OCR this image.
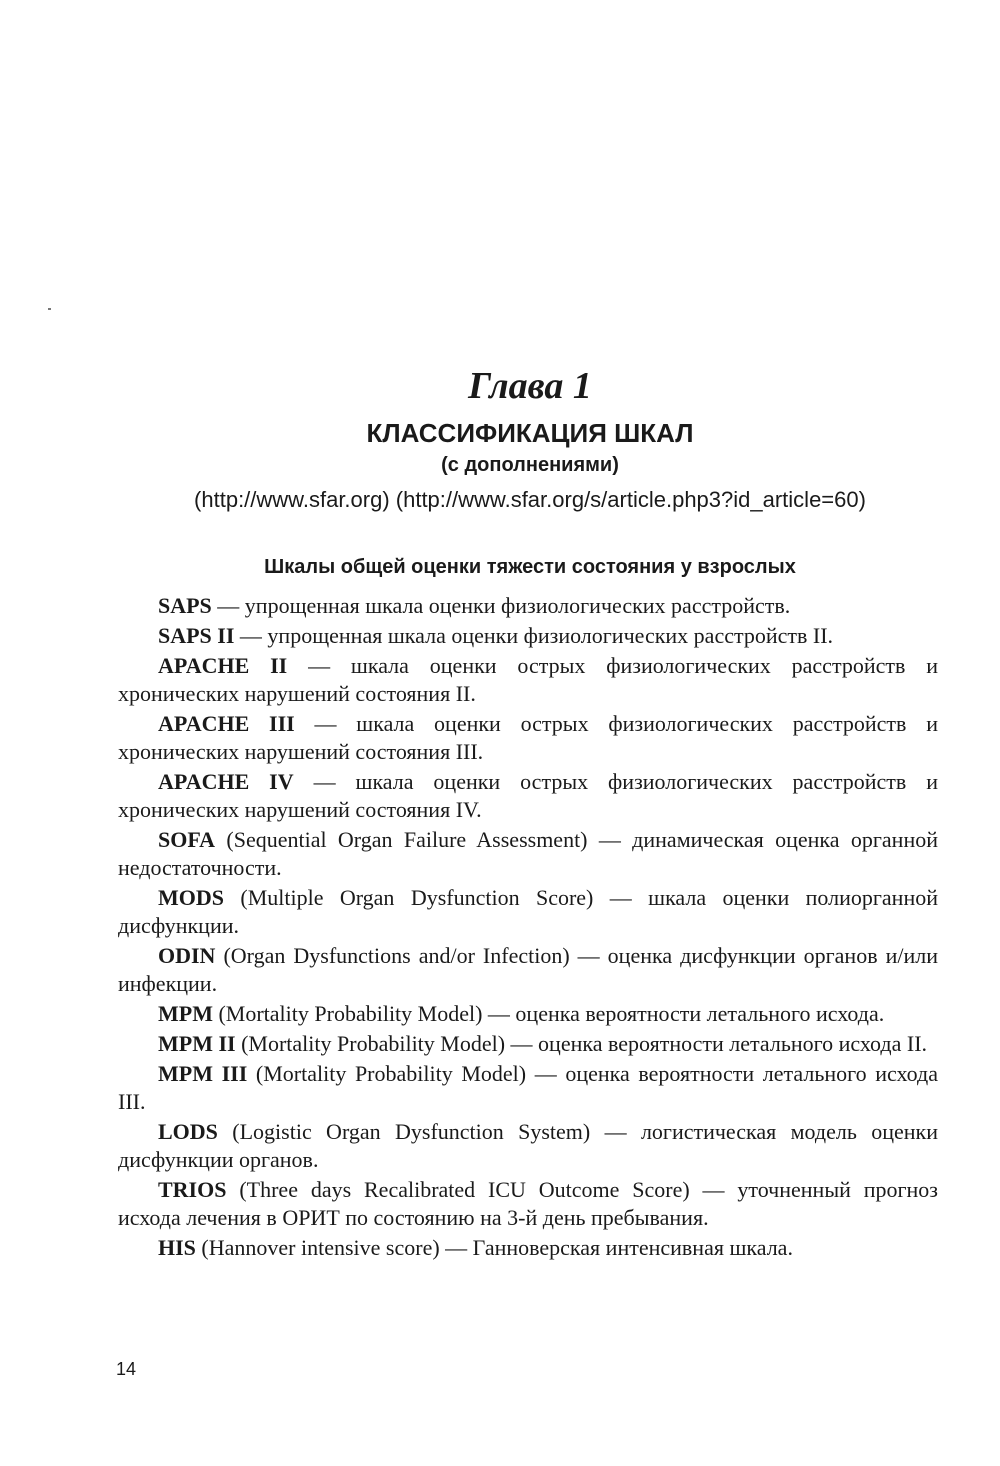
Глава 1
КЛАССИФИКАЦИЯ ШКАЛ
(с дополнениями)
(http://www.sfar.org) (http://www.sfar.org/s/article.php3?id_article=60)
Шкалы общей оценки тяжести состояния у взрослых

SAPS — упрощенная шкала оценки физиологических расстройств.

SAPS II — упрощенная шкала оценки физиологических расстройств II.

APACHE II — шкала оценки острых физиологических расстройств и хронических нарушений состояния II.

APACHE III — шкала оценки острых физиологических расстройств и хронических нарушений состояния III.

APACHE IV — шкала оценки острых физиологических расстройств и хронических нарушений состояния IV.

SOFA (Sequential Organ Failure Assessment) — динамическая оценка органной недостаточности.

MODS (Multiple Organ Dysfunction Score) — шкала оценки полиорганной дисфункции.

ODIN (Organ Dysfunctions and/or Infection) — оценка дисфункции органов и/или инфекции.

MPM (Mortality Probability Model) — оценка вероятности летального исхода.

MPM II (Mortality Probability Model) — оценка вероятности летального исхода II.

MPM III (Mortality Probability Model) — оценка вероятности летального исхода III.

LODS (Logistic Organ Dysfunction System) — логистическая модель оценки дисфункции органов.

TRIOS (Three days Recalibrated ICU Outcome Score) — уточненный прогноз исхода лечения в ОРИТ по состоянию на 3-й день пребывания.

HIS (Hannover intensive score) — Ганноверская интенсивная шкала.

14
